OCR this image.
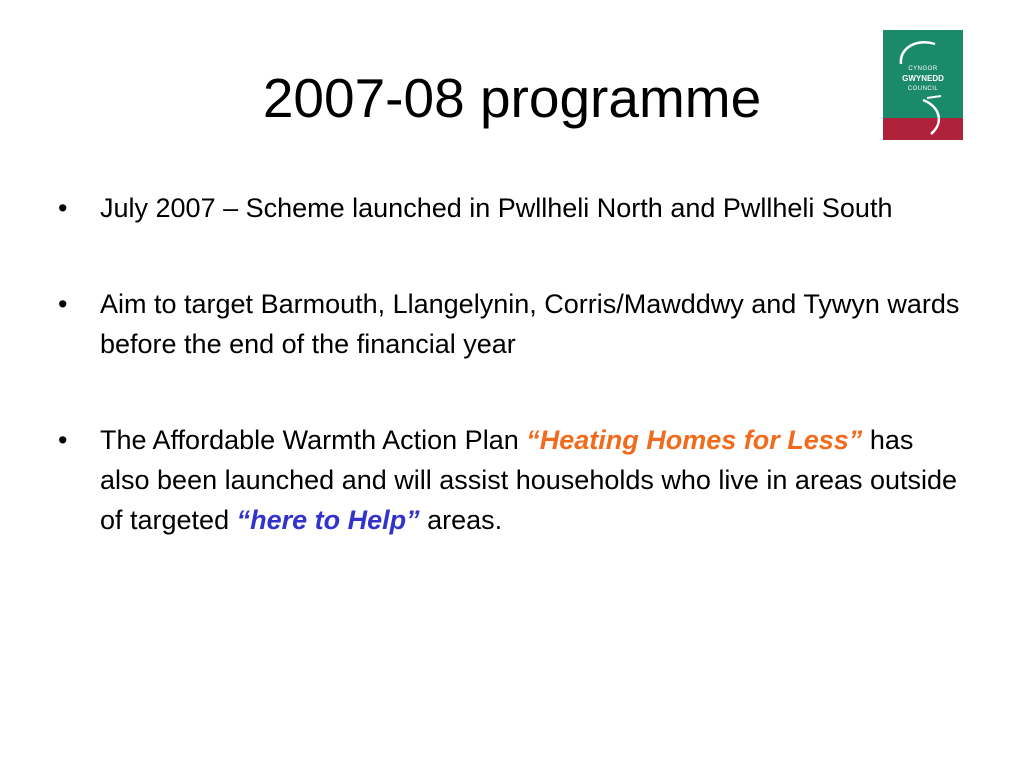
2007-08 programme	CYNGOR
GWYNEDD
COUNCIL
•	July 2007 – Scheme launched in Pwllheli North and Pwllheli South
•	Aim to target Barmouth, Llangelynin, Corris/Mawddwy and Tywyn wards before the end of the financial year
•	The Affordable Warmth Action Plan “Heating Homes for Less” has also been launched and will assist households who live in areas outside of targeted “here to Help” areas.
